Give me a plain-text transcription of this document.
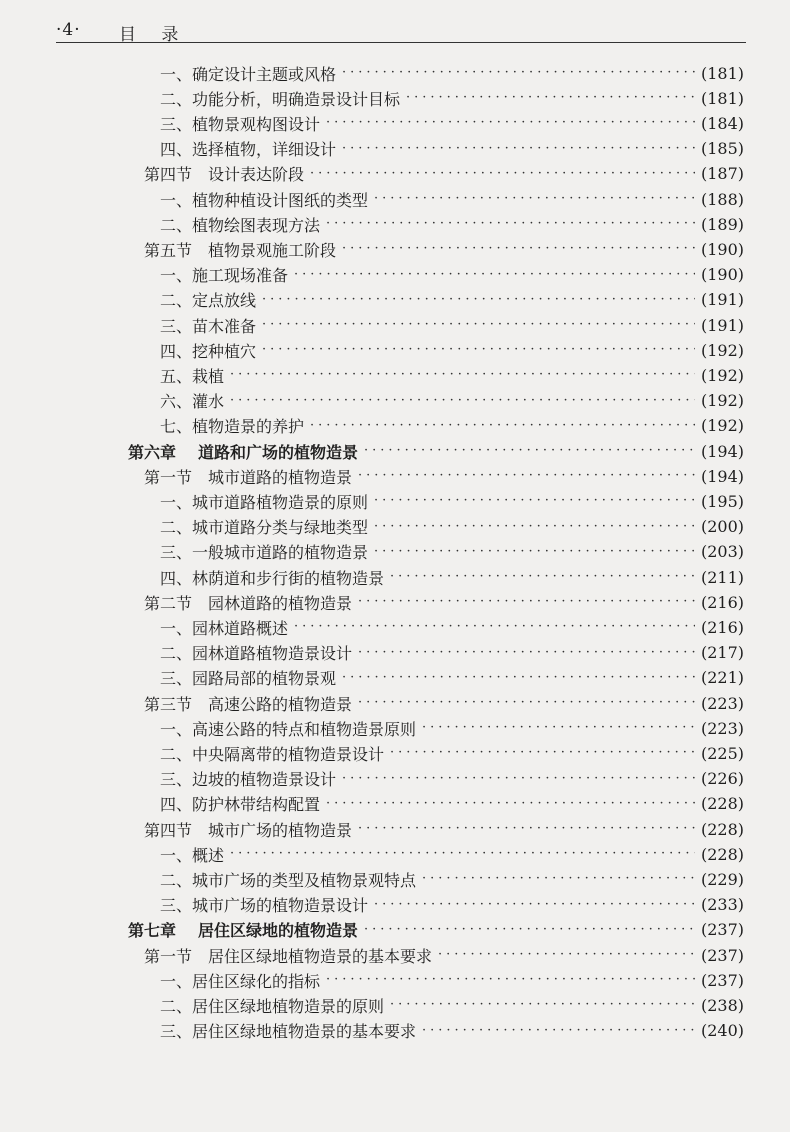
·4· 目 录
一、确定设计主题或风格 ·····	(181)
二、功能分析，明确造景设计目标 ·····	(181)
三、植物景观构图设计 ·····	(184)
四、选择植物，详细设计 ·····	(185)
第四节 设计表达阶段 ·····	(187)
一、植物种植设计图纸的类型 ·····	(188)
二、植物绘图表现方法 ·····	(189)
第五节 植物景观施工阶段 ·····	(190)
一、施工现场准备 ·····	(190)
二、定点放线 ·····	(191)
三、苗木准备 ·····	(191)
四、挖种植穴 ·····	(192)
五、栽植 ·····	(192)
六、灌水 ·····	(192)
七、植物造景的养护 ·····	(192)
第六章 道路和广场的植物造景 ·····	(194)
第一节 城市道路的植物造景 ·····	(194)
一、城市道路植物造景的原则 ·····	(195)
二、城市道路分类与绿地类型 ·····	(200)
三、一般城市道路的植物造景 ·····	(203)
四、林荫道和步行街的植物造景 ·····	(211)
第二节 园林道路的植物造景 ·····	(216)
一、园林道路概述 ·····	(216)
二、园林道路植物造景设计 ·····	(217)
三、园路局部的植物景观 ·····	(221)
第三节 高速公路的植物造景 ·····	(223)
一、高速公路的特点和植物造景原则 ·····	(223)
二、中央隔离带的植物造景设计 ·····	(225)
三、边坡的植物造景设计 ·····	(226)
四、防护林带结构配置 ·····	(228)
第四节 城市广场的植物造景 ·····	(228)
一、概述 ·····	(228)
二、城市广场的类型及植物景观特点 ·····	(229)
三、城市广场的植物造景设计 ·····	(233)
第七章 居住区绿地的植物造景 ·····	(237)
第一节 居住区绿地植物造景的基本要求 ·····	(237)
一、居住区绿化的指标 ·····	(237)
二、居住区绿地植物造景的原则 ·····	(238)
三、居住区绿地植物造景的基本要求 ·····	(240)
